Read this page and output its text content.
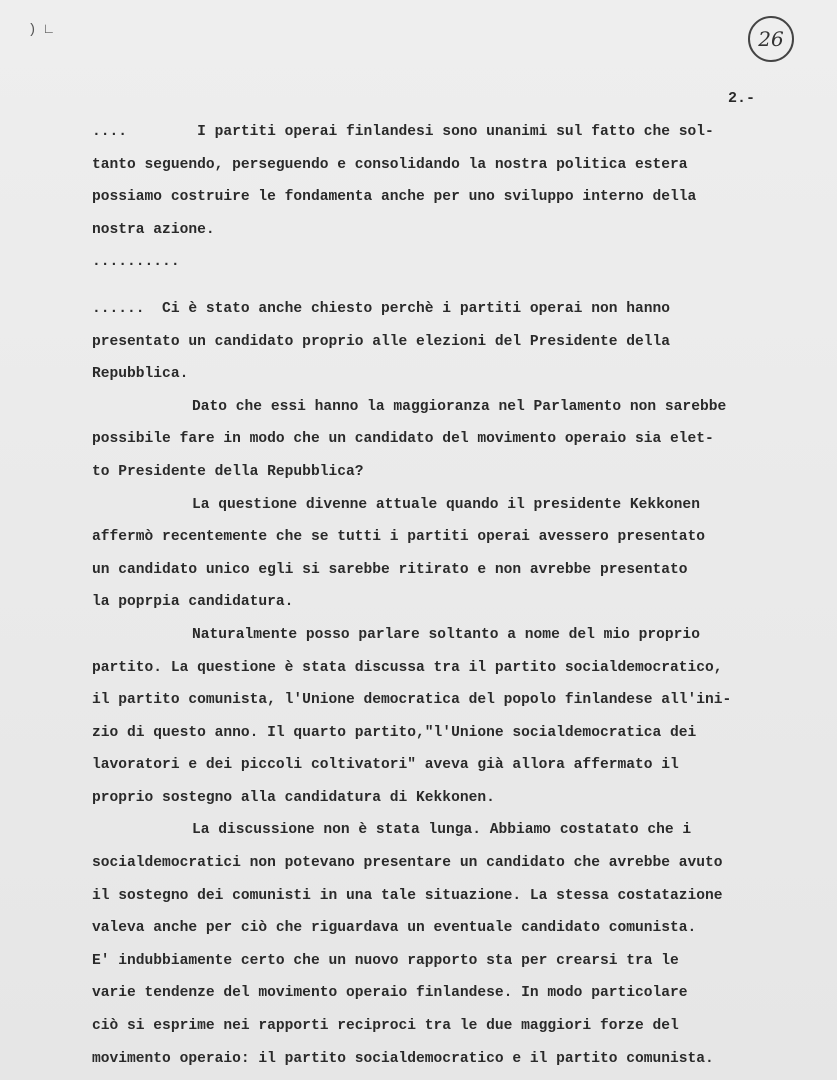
) ∟	26
2.-
....        I partiti operai finlandesi sono unanimi sul fatto che sol-
tanto seguendo, perseguendo e consolidando la nostra politica estera
possiamo costruire le fondamenta anche per uno sviluppo interno della
nostra azione.
..........
......  Ci è stato anche chiesto perchè i partiti operai non hanno
presentato un candidato proprio alle elezioni del Presidente della
Repubblica.
Dato che essi hanno la maggioranza nel Parlamento non sarebbe
possibile fare in modo che un candidato del movimento operaio sia elet-
to Presidente della Repubblica?
La questione divenne attuale quando il presidente Kekkonen
affermò recentemente che se tutti i partiti operai avessero presentato
un candidato unico egli si sarebbe ritirato e non avrebbe presentato
la poprpia candidatura.
Naturalmente posso parlare soltanto a nome del mio proprio
partito. La questione è stata discussa tra il partito socialdemocratico,
il partito comunista, l'Unione democratica del popolo finlandese all'ini-
zio di questo anno. Il quarto partito,"l'Unione socialdemocratica dei
lavoratori e dei piccoli coltivatori" aveva già allora affermato il
proprio sostegno alla candidatura di Kekkonen.
La discussione non è stata lunga. Abbiamo costatato che i
socialdemocratici non potevano presentare un candidato che avrebbe avuto
il sostegno dei comunisti in una tale situazione. La stessa costatazione
valeva anche per ciò che riguardava un eventuale candidato comunista.
E' indubbiamente certo che un nuovo rapporto sta per crearsi tra le
varie tendenze del movimento operaio finlandese. In modo particolare
ciò si esprime nei rapporti reciproci tra le due maggiori forze del
movimento operaio: il partito socialdemocratico e il partito comunista.
